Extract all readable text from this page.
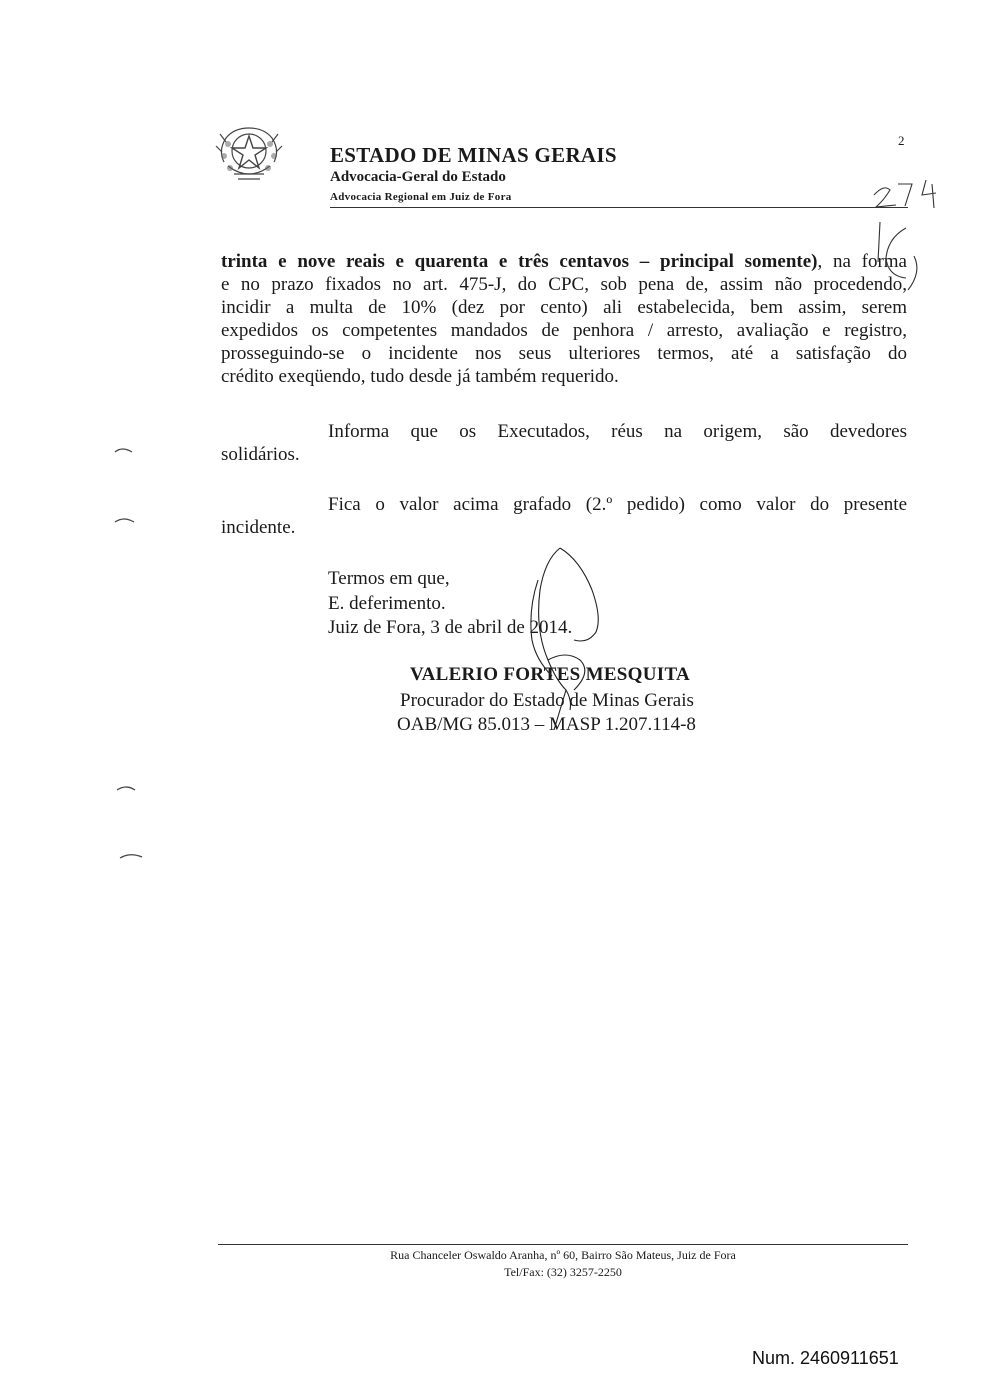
ESTADO DE MINAS GERAIS
Advocacia-Geral do Estado
Advocacia Regional em Juiz de Fora
2
trinta e nove reais e quarenta e três centavos – principal somente), na forma
e no prazo fixados no art. 475-J, do CPC, sob pena de, assim não procedendo,
incidir a multa de 10% (dez por cento) ali estabelecida, bem assim, serem
expedidos os competentes mandados de penhora / arresto, avaliação e registro,
prosseguindo-se o incidente nos seus ulteriores termos, até a satisfação do
crédito exeqüendo, tudo desde já também requerido.
Informa que os Executados, réus na origem, são devedores
solidários.
Fica o valor acima grafado (2.º pedido) como valor do presente
incidente.
Termos em que,
E. deferimento.
Juiz de Fora, 3 de abril de 2014.
VALERIO FORTES MESQUITA
Procurador do Estado de Minas Gerais
OAB/MG 85.013 – MASP 1.207.114-8
Rua Chanceler Oswaldo Aranha, nº 60, Bairro São Mateus, Juiz de Fora
Tel/Fax: (32) 3257-2250
Num. 2460911651
